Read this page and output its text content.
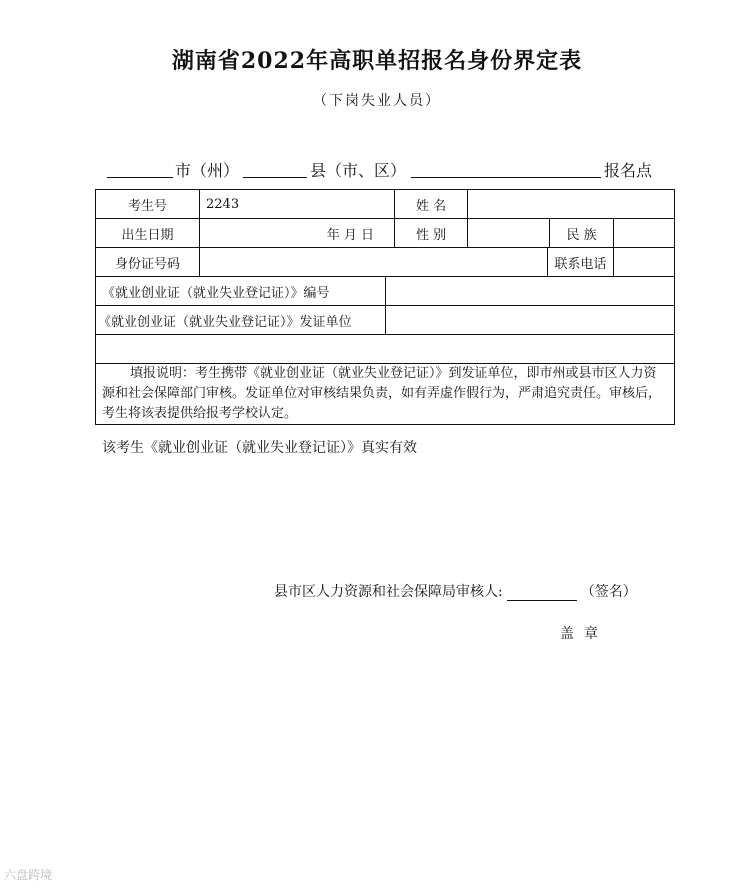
湖南省2022年高职单招报名身份界定表
（下岗失业人员）
市（州）	县（市、区）	报名点
考生号	2243		姓 名				
出生日期	年 月 日		性 别			民 族	
身份证号码					联系电话		
《就业创业证（就业失业登记证）》编号							
《就业创业证（就业失业登记证）》发证单位							

该考生《就业创业证（就业失业登记证）》真实有效
县市区人力资源和社会保障局审核人: （签名）
盖章							

填报说明：考生携带《就业创业证（就业失业登记证）》到发证单位，即市州或县市区人力资源和社会保障部门审核。发证单位对审核结果负责，如有弄虚作假行为，严肃追究责任。审核后，考生将该表提供给报考学校认定。							
六盘跨境
